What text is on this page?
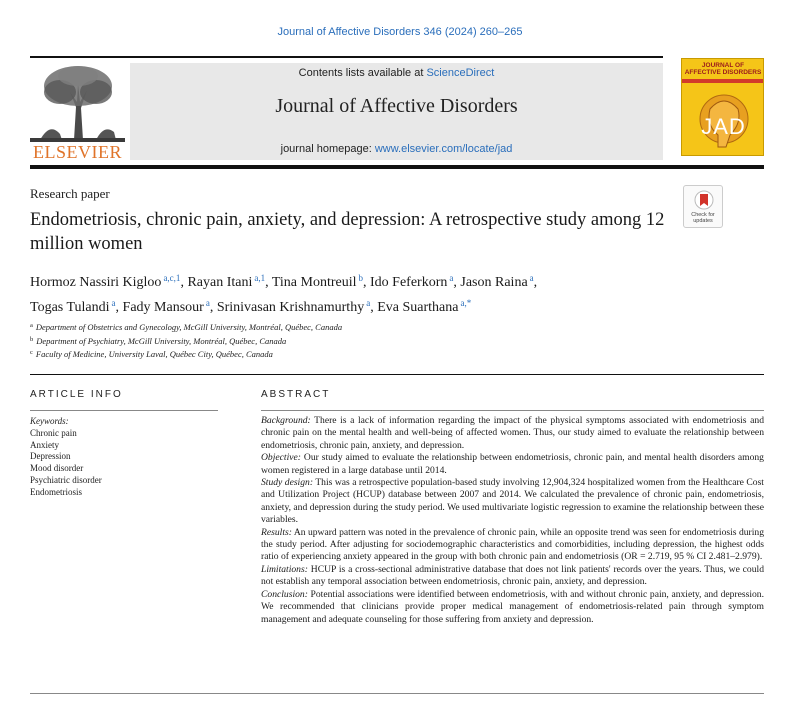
Journal of Affective Disorders 346 (2024) 260–265
ELSEVIER
Contents lists available at ScienceDirect
Journal of Affective Disorders
journal homepage: www.elsevier.com/locate/jad
JOURNAL OF AFFECTIVE DISORDERS
JAD
Research paper
Check for updates
Endometriosis, chronic pain, anxiety, and depression: A retrospective study among 12 million women
Hormoz Nassiri Kigloo $^{a,c,1}$, Rayan Itani $^{a,1}$, Tina Montreuil $^b$, Ido Feferkorn $^a$, Jason Raina $^a$,
Togas Tulandi $^a$, Fady Mansour $^a$, Srinivasan Krishnamurthy $^a$, Eva Suarthana $^{a,*}$
$^a$ Department of Obstetrics and Gynecology, McGill University, Montréal, Québec, Canada
$^b$ Department of Psychiatry, McGill University, Montréal, Québec, Canada
$^c$ Faculty of Medicine, University Laval, Québec City, Québec, Canada
ARTICLE INFO
Keywords:
Chronic pain
Anxiety
Depression
Mood disorder
Psychiatric disorder
Endometriosis
ABSTRACT

Background: There is a lack of information regarding the impact of the physical symptoms associated with endometriosis and chronic pain on the mental health and well-being of affected women. Thus, our study aimed to evaluate the relationship between endometriosis, chronic pain, anxiety, and depression.

Objective: Our study aimed to evaluate the relationship between endometriosis, chronic pain, and mental health disorders among women registered in a large database until 2014.

Study design: This was a retrospective population-based study involving 12,904,324 hospitalized women from the Healthcare Cost and Utilization Project (HCUP) database between 2007 and 2014. We calculated the prevalence of chronic pain, endometriosis, anxiety, and depression during the study period. We used multivariate logistic regression to examine the relationship between these variables.

Results: An upward pattern was noted in the prevalence of chronic pain, while an opposite trend was seen for endometriosis during the study period. After adjusting for sociodemographic characteristics and comorbidities, including depression, the highest odds ratio of experiencing anxiety appeared in the group with both chronic pain and endometriosis (OR = 2.719, 95 % CI 2.481–2.979).

Limitations: HCUP is a cross-sectional administrative database that does not link patients' records over the years. Thus, we could not establish any temporal association between endometriosis, chronic pain, anxiety, and depression.

Conclusion: Potential associations were identified between endometriosis, with and without chronic pain, anxiety, and depression. We recommended that clinicians provide proper medical management of endometriosis-related pain through symptom management and adequate counseling for those suffering from anxiety and depression.
